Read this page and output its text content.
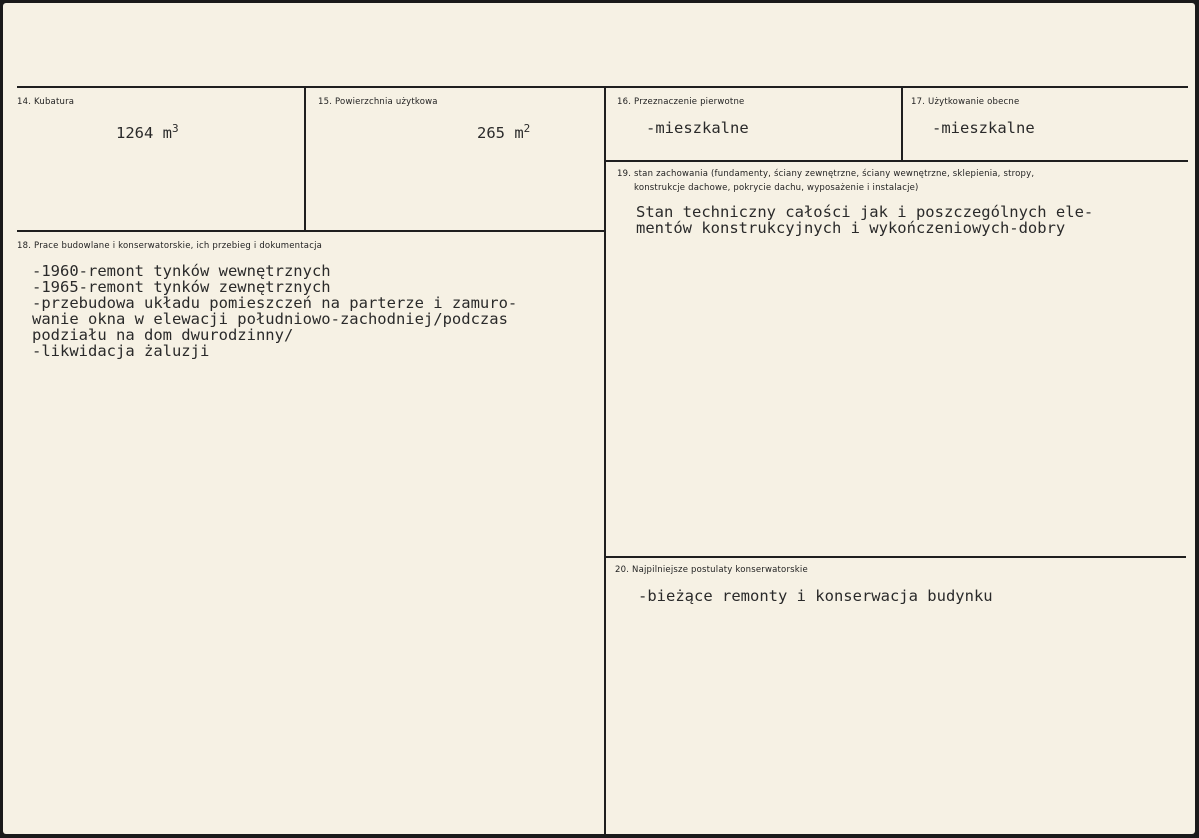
14. Kubatura
1264 $m^3$
15. Powierzchnia użytkowa
265 $m^2$
16. Przeznaczenie pierwotne
-mieszkalne
17. Użytkowanie obecne
-mieszkalne
18. Prace budowlane i konserwatorskie, ich przebieg i dokumentacja
-1960-remont tynków wewnętrznych
-1965-remont tynków zewnętrznych
-przebudowa układu pomieszczeń na parterze i zamuro-
wanie okna w elewacji południowo-zachodniej/podczas
podziału na dom dwurodzinny/
-likwidacja żaluzji
19. stan zachowania (fundamenty, ściany zewnętrzne, ściany wewnętrzne, sklepienia, stropy,
konstrukcje dachowe, pokrycie dachu, wyposażenie i instalacje)
Stan techniczny całości jak i poszczególnych ele-
mentów konstrukcyjnych i wykończeniowych-dobry
20. Najpilniejsze postulaty konserwatorskie
-bieżące remonty i konserwacja budynku
